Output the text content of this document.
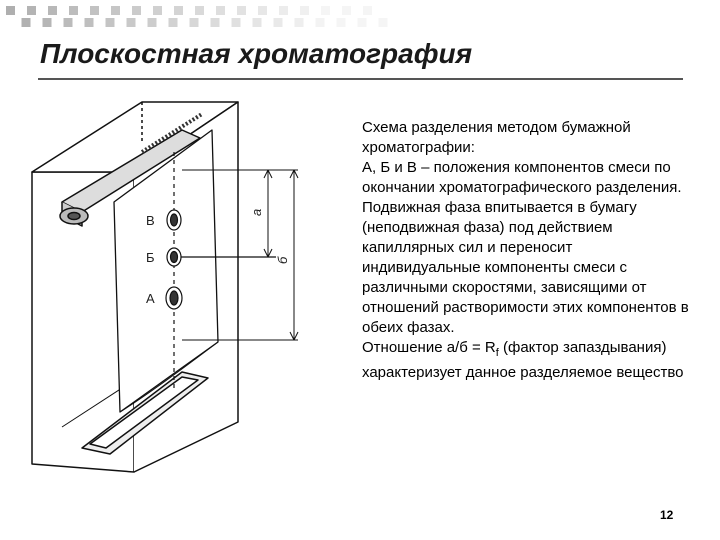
Плоскостная хроматография
В
Б
А
а
б

Схема разделения методом бумажной хроматографии:

А, Б и В – положения компонентов смеси по окончании хроматографического разделения. Подвижная фаза впитывается в бумагу (неподвижная фаза) под действием капиллярных сил и переносит индивидуальные компоненты смеси с различными скоростями, зависящими от отношений растворимости этих компонентов в обеих фазах.

Отношение $а/б = R_f$ (фактор запаздывания) характеризует данное разделяемое вещество

12
